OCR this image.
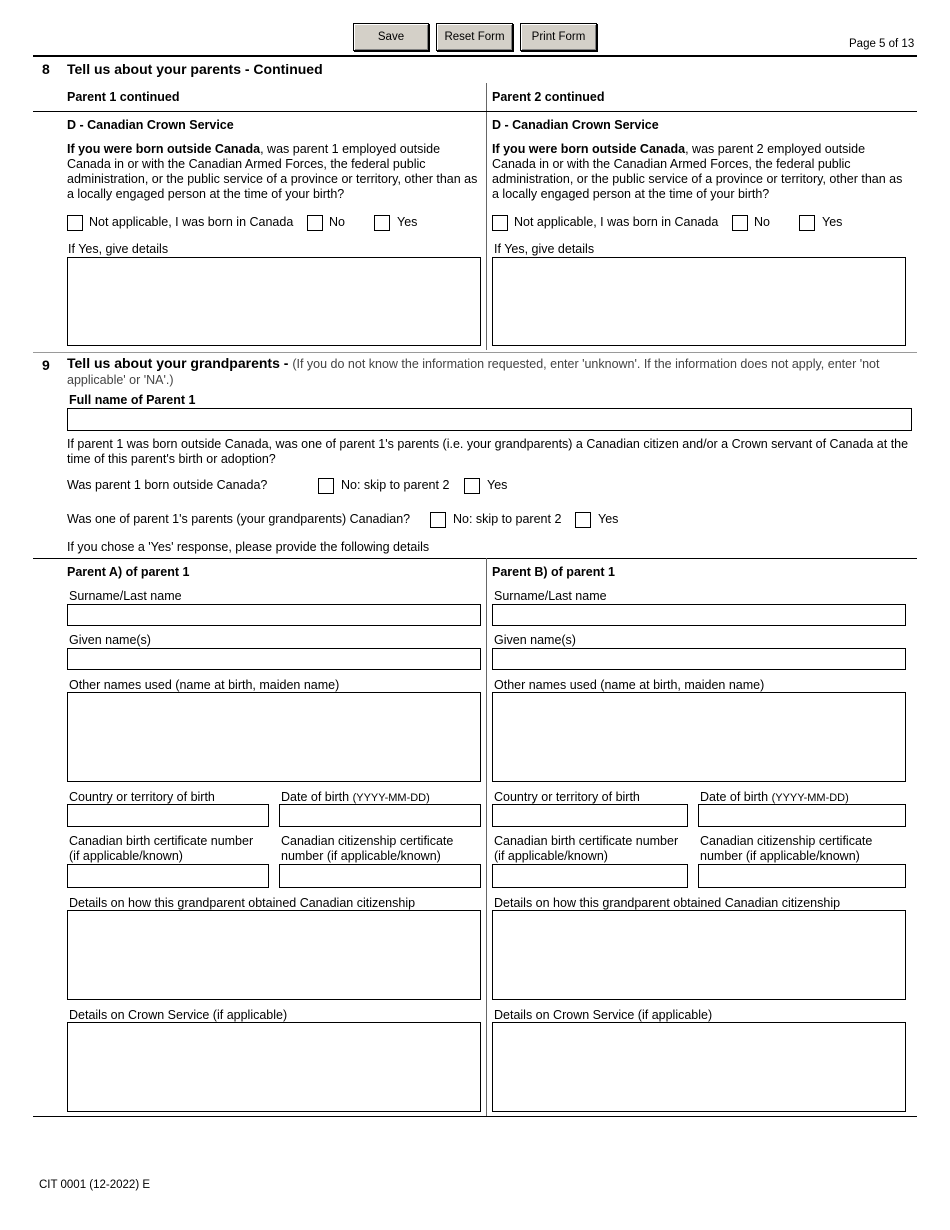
Save	Reset Form	Print Form
Page 5 of 13
8 Tell us about your parents - Continued
Parent 1 continued	Parent 2 continued
D - Canadian Crown Service
If you were born outside Canada, was parent 1 employed outside Canada in or with the Canadian Armed Forces, the federal public administration, or the public service of a province or territory, other than as a locally engaged person at the time of your birth?
Not applicable, I was born in Canada	No	Yes
If Yes, give details
D - Canadian Crown Service
If you were born outside Canada, was parent 2 employed outside Canada in or with the Canadian Armed Forces, the federal public administration, or the public service of a province or territory, other than as a locally engaged person at the time of your birth?
Not applicable, I was born in Canada	No	Yes
If Yes, give details
9 Tell us about your grandparents - (If you do not know the information requested, enter 'unknown'. If the information does not apply, enter 'not applicable' or 'NA'.)
Full name of Parent 1
If parent 1 was born outside Canada, was one of parent 1's parents (i.e. your grandparents) a Canadian citizen and/or a Crown servant of Canada at the time of this parent's birth or adoption?
Was parent 1 born outside Canada?	No: skip to parent 2	Yes
Was one of parent 1's parents (your grandparents) Canadian?	No: skip to parent 2	Yes
If you chose a 'Yes' response, please provide the following details
Parent A) of parent 1
Surname/Last name
Given name(s)
Other names used (name at birth, maiden name)
Country or territory of birth	Date of birth (YYYY-MM-DD)
Canadian birth certificate number
(if applicable/known)
Canadian citizenship certificate
number (if applicable/known)
Details on how this grandparent obtained Canadian citizenship
Details on Crown Service (if applicable)
Parent B) of parent 1
Surname/Last name
Given name(s)
Other names used (name at birth, maiden name)
Country or territory of birth	Date of birth (YYYY-MM-DD)
Canadian birth certificate number
(if applicable/known)
Canadian citizenship certificate
number (if applicable/known)
Details on how this grandparent obtained Canadian citizenship
Details on Crown Service (if applicable)
CIT 0001 (12-2022) E
